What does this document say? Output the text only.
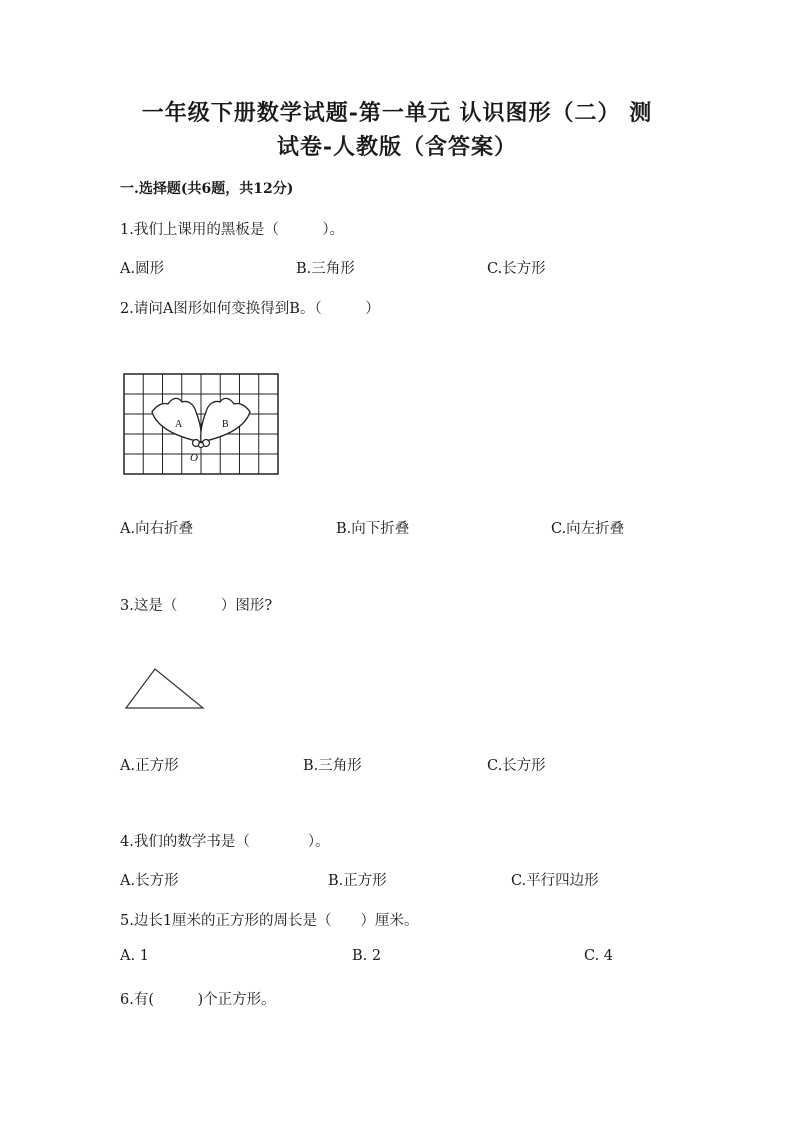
一年级下册数学试题-第一单元 认识图形（二） 测
试卷-人教版（含答案）
一.选择题(共6题，共12分)
1.我们上课用的黑板是（　　　）。
A.圆形	B.三角形	C.长方形
2.请问A图形如何变换得到B。（　　　）
A	B
O
A.向右折叠	B.向下折叠	C.向左折叠
3.这是（　　　）图形?
A.正方形	B.三角形	C.长方形
4.我们的数学书是（　　　　）。
A.长方形	B.正方形	C.平行四边形
5.边长1厘米的正方形的周长是（　　）厘米。
A. 1	B. 2	C. 4
6.有(　　　)个正方形。
